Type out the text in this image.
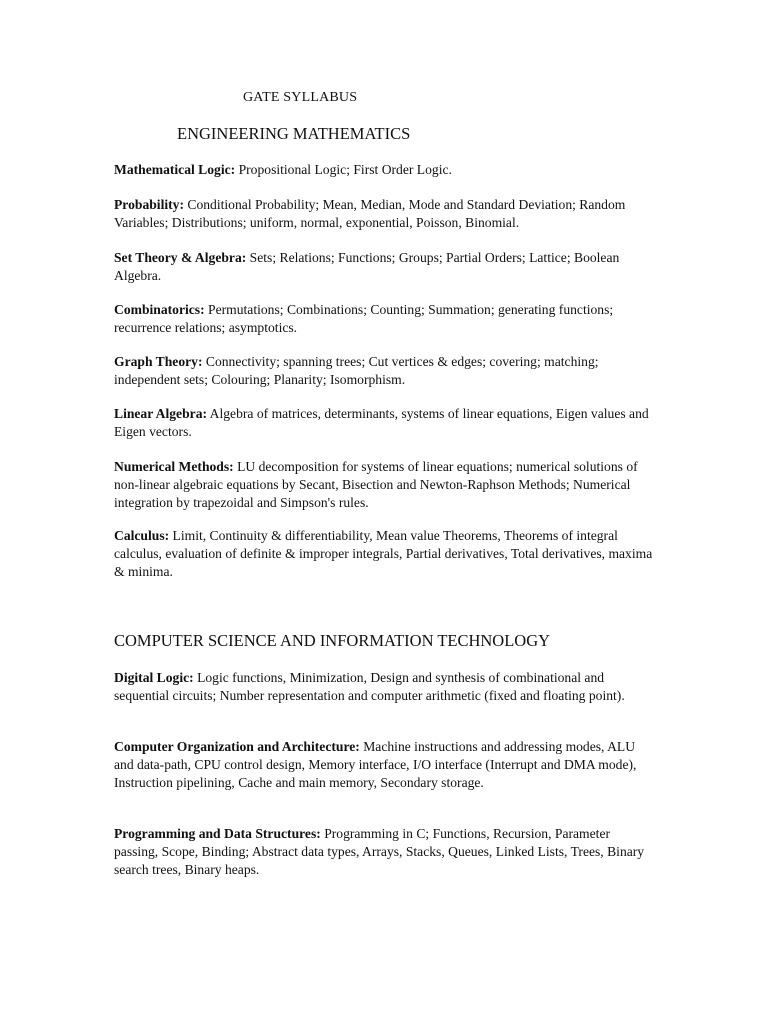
GATE SYLLABUS
ENGINEERING MATHEMATICS

Mathematical Logic: Propositional Logic; First Order Logic.

Probability: Conditional Probability; Mean, Median, Mode and Standard Deviation; Random Variables; Distributions; uniform, normal, exponential, Poisson, Binomial.

Set Theory & Algebra: Sets; Relations; Functions; Groups; Partial Orders; Lattice; Boolean Algebra.

Combinatorics: Permutations; Combinations; Counting; Summation; generating functions; recurrence relations; asymptotics.

Graph Theory: Connectivity; spanning trees; Cut vertices & edges; covering; matching; independent sets; Colouring; Planarity; Isomorphism.

Linear Algebra: Algebra of matrices, determinants, systems of linear equations, Eigen values and Eigen vectors.

Numerical Methods: LU decomposition for systems of linear equations; numerical solutions of non-linear algebraic equations by Secant, Bisection and Newton-Raphson Methods; Numerical integration by trapezoidal and Simpson's rules.

Calculus: Limit, Continuity & differentiability, Mean value Theorems, Theorems of integral calculus, evaluation of definite & improper integrals, Partial derivatives, Total derivatives, maxima & minima.

COMPUTER SCIENCE AND INFORMATION TECHNOLOGY

Digital Logic: Logic functions, Minimization, Design and synthesis of combinational and sequential circuits; Number representation and computer arithmetic (fixed and floating point).

Computer Organization and Architecture: Machine instructions and addressing modes, ALU and data-path, CPU control design, Memory interface, I/O interface (Interrupt and DMA mode), Instruction pipelining, Cache and main memory, Secondary storage.

Programming and Data Structures: Programming in C; Functions, Recursion, Parameter passing, Scope, Binding; Abstract data types, Arrays, Stacks, Queues, Linked Lists, Trees, Binary search trees, Binary heaps.
